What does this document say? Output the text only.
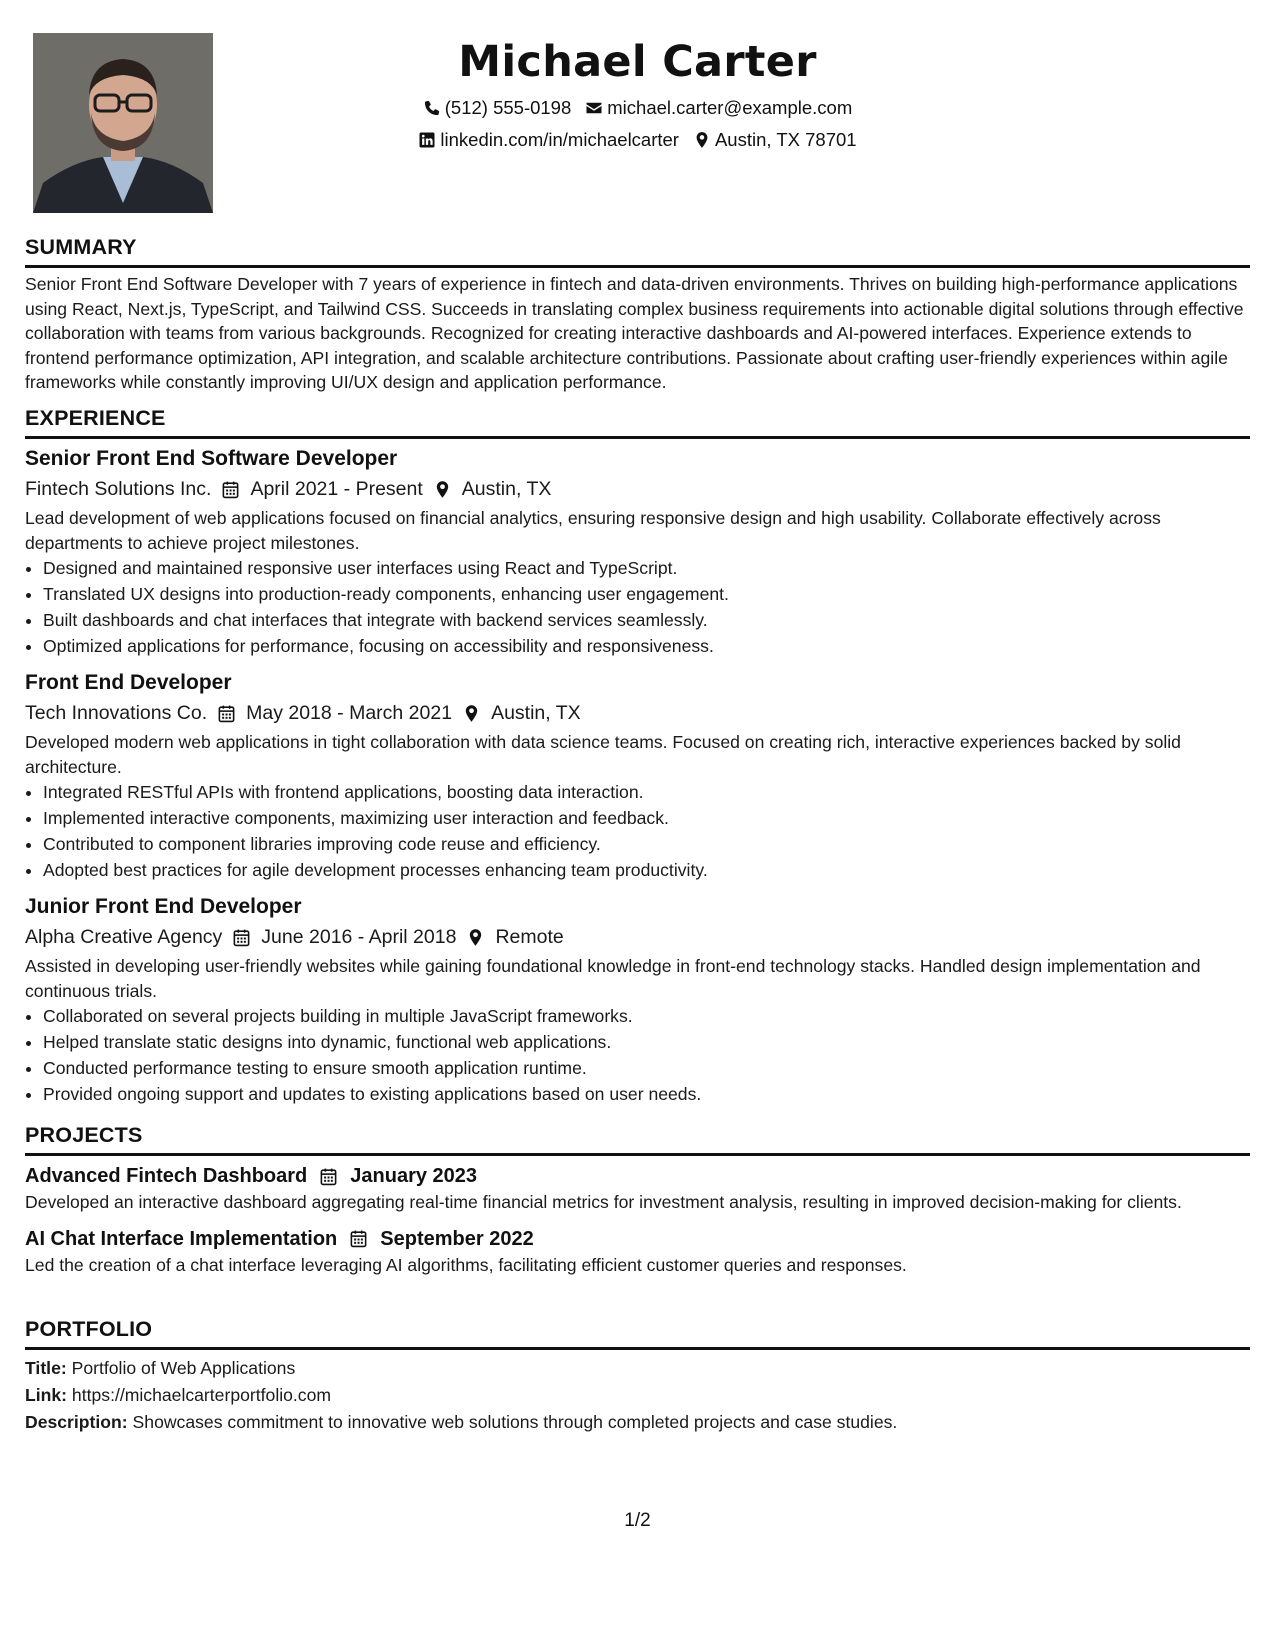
Michael Carter
(512) 555-0198 michael.carter@example.com
linkedin.com/in/michaelcarter Austin, TX 78701
SUMMARY

Senior Front End Software Developer with 7 years of experience in fintech and data-driven environments. Thrives on building high-performance applications using React, Next.js, TypeScript, and Tailwind CSS. Succeeds in translating complex business requirements into actionable digital solutions through effective collaboration with teams from various backgrounds. Recognized for creating interactive dashboards and AI-powered interfaces. Experience extends to frontend performance optimization, API integration, and scalable architecture contributions. Passionate about crafting user-friendly experiences within agile frameworks while constantly improving UI/UX design and application performance.

EXPERIENCE
Senior Front End Software Developer
Fintech Solutions Inc. April 2021 - Present Austin, TX

Lead development of web applications focused on financial analytics, ensuring responsive design and high usability. Collaborate effectively across departments to achieve project milestones.

• Designed and maintained responsive user interfaces using React and TypeScript.
• Translated UX designs into production-ready components, enhancing user engagement.
• Built dashboards and chat interfaces that integrate with backend services seamlessly.
• Optimized applications for performance, focusing on accessibility and responsiveness.
Front End Developer
Tech Innovations Co. May 2018 - March 2021 Austin, TX

Developed modern web applications in tight collaboration with data science teams. Focused on creating rich, interactive experiences backed by solid architecture.

• Integrated RESTful APIs with frontend applications, boosting data interaction.
• Implemented interactive components, maximizing user interaction and feedback.
• Contributed to component libraries improving code reuse and efficiency.
• Adopted best practices for agile development processes enhancing team productivity.
Junior Front End Developer
Alpha Creative Agency June 2016 - April 2018 Remote

Assisted in developing user-friendly websites while gaining foundational knowledge in front-end technology stacks. Handled design implementation and continuous trials.

• Collaborated on several projects building in multiple JavaScript frameworks.
• Helped translate static designs into dynamic, functional web applications.
• Conducted performance testing to ensure smooth application runtime.
• Provided ongoing support and updates to existing applications based on user needs.
PROJECTS
Advanced Fintech Dashboard January 2023

Developed an interactive dashboard aggregating real-time financial metrics for investment analysis, resulting in improved decision-making for clients.

AI Chat Interface Implementation September 2022

Led the creation of a chat interface leveraging AI algorithms, facilitating efficient customer queries and responses.

PORTFOLIO
Title: Portfolio of Web Applications
Link: https://michaelcarterportfolio.com
Description: Showcases commitment to innovative web solutions through completed projects and case studies.
1/2
